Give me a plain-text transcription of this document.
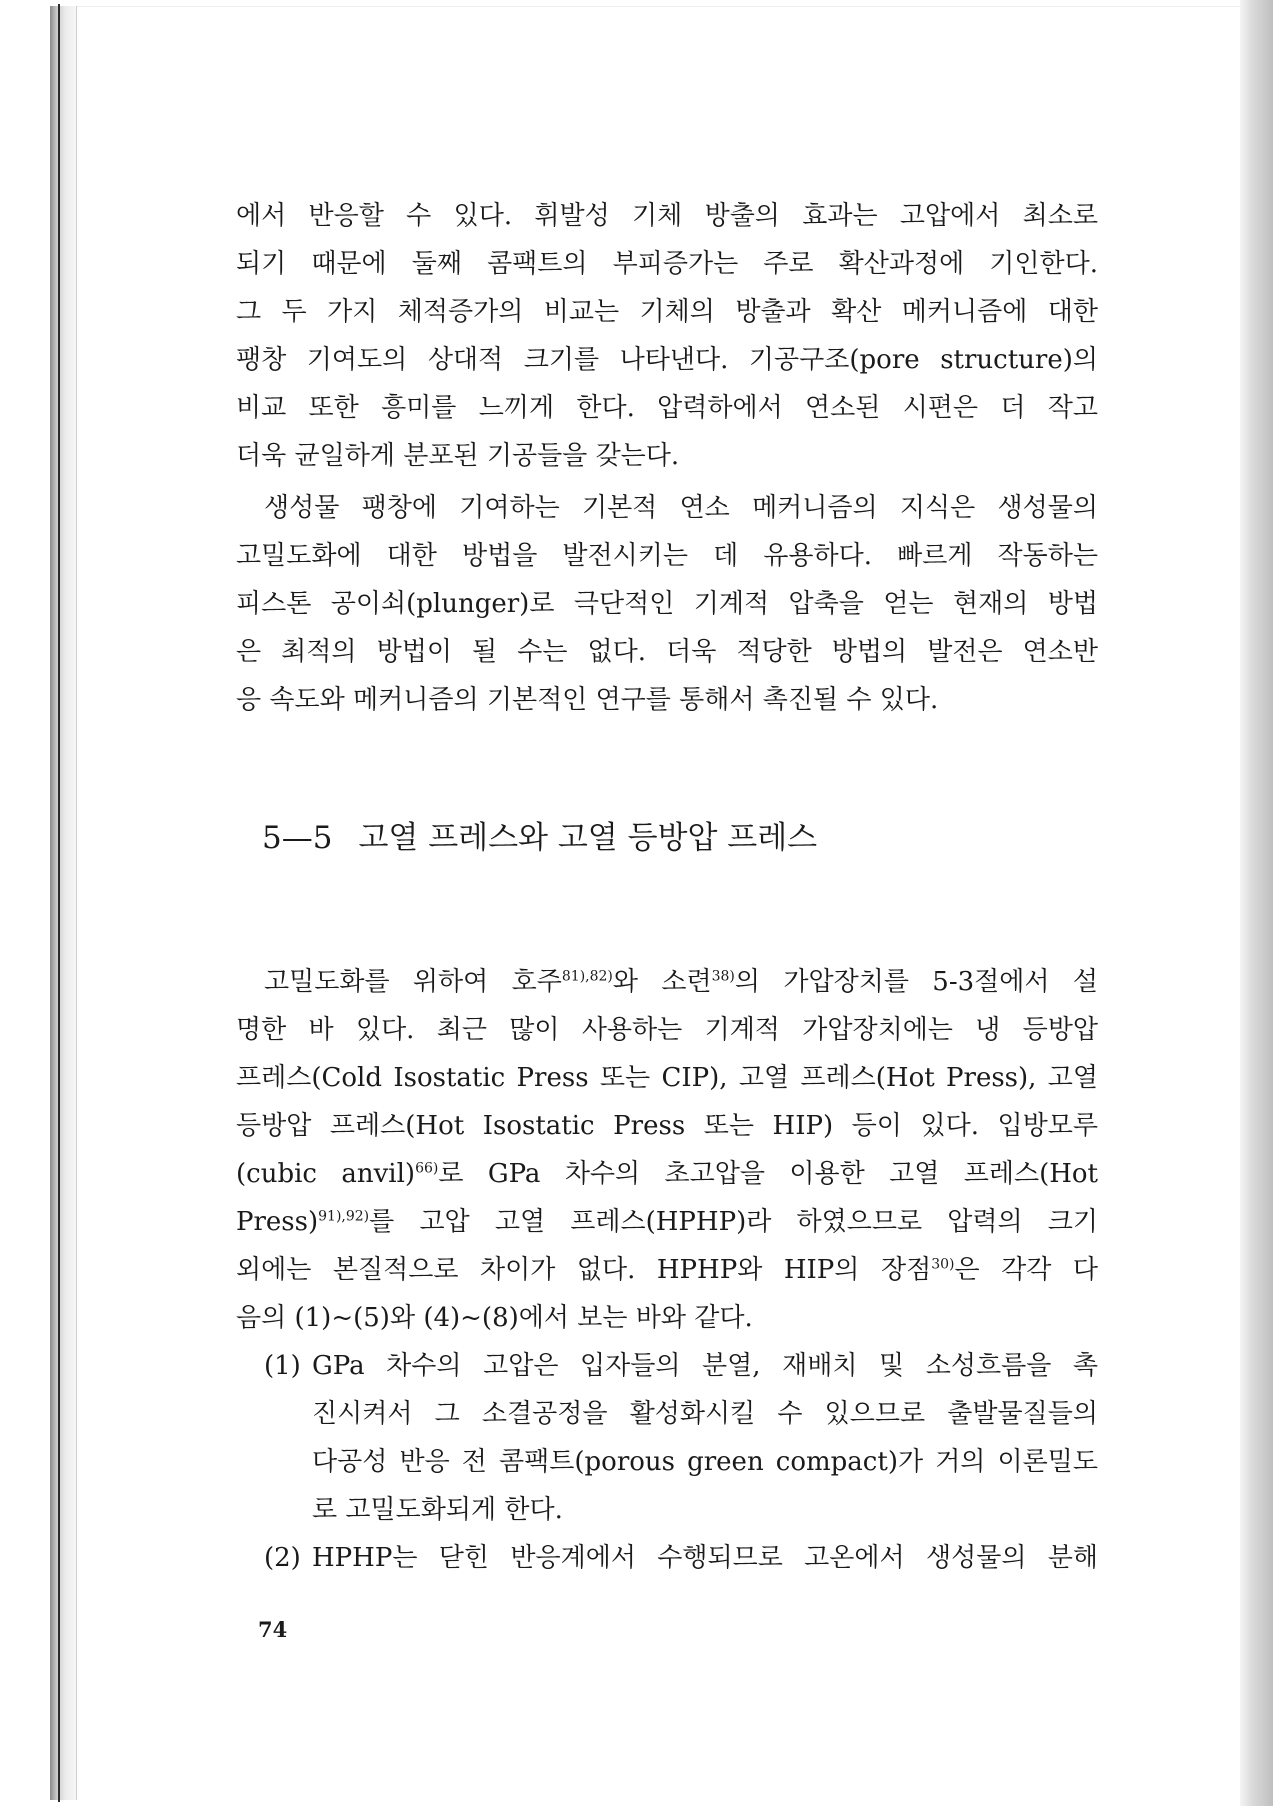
에서 반응할 수 있다. 휘발성 기체 방출의 효과는 고압에서 최소로
되기 때문에 둘째 콤팩트의 부피증가는 주로 확산과정에 기인한다.
그 두 가지 체적증가의 비교는 기체의 방출과 확산 메커니즘에 대한
팽창 기여도의 상대적 크기를 나타낸다. 기공구조(pore structure)의
비교 또한 흥미를 느끼게 한다. 압력하에서 연소된 시편은 더 작고
더욱 균일하게 분포된 기공들을 갖는다.
생성물 팽창에 기여하는 기본적 연소 메커니즘의 지식은 생성물의
고밀도화에 대한 방법을 발전시키는 데 유용하다. 빠르게 작동하는
피스톤 공이쇠(plunger)로 극단적인 기계적 압축을 얻는 현재의 방법
은 최적의 방법이 될 수는 없다. 더욱 적당한 방법의 발전은 연소반
응 속도와 메커니즘의 기본적인 연구를 통해서 촉진될 수 있다.
5—5 고열 프레스와 고열 등방압 프레스
고밀도화를 위하여 호주$^{81),82)}$와 소련$^{38)}$의 가압장치를 5-3절에서 설
명한 바 있다. 최근 많이 사용하는 기계적 가압장치에는 냉 등방압
프레스(Cold Isostatic Press 또는 CIP), 고열 프레스(Hot Press), 고열
등방압 프레스(Hot Isostatic Press 또는 HIP) 등이 있다. 입방모루
(cubic anvil)$^{66)}$로 GPa 차수의 초고압을 이용한 고열 프레스(Hot
Press)$^{91),92)}$를 고압 고열 프레스(HPHP)라 하였으므로 압력의 크기
외에는 본질적으로 차이가 없다. HPHP와 HIP의 장점$^{30)}$은 각각 다
음의 (1)~(5)와 (4)~(8)에서 보는 바와 같다.
(1) GPa 차수의 고압은 입자들의 분열, 재배치 및 소성흐름을 촉
진시켜서 그 소결공정을 활성화시킬 수 있으므로 출발물질들의
다공성 반응 전 콤팩트(porous green compact)가 거의 이론밀도
로 고밀도화되게 한다.
(2) HPHP는 닫힌 반응계에서 수행되므로 고온에서 생성물의 분해
74
